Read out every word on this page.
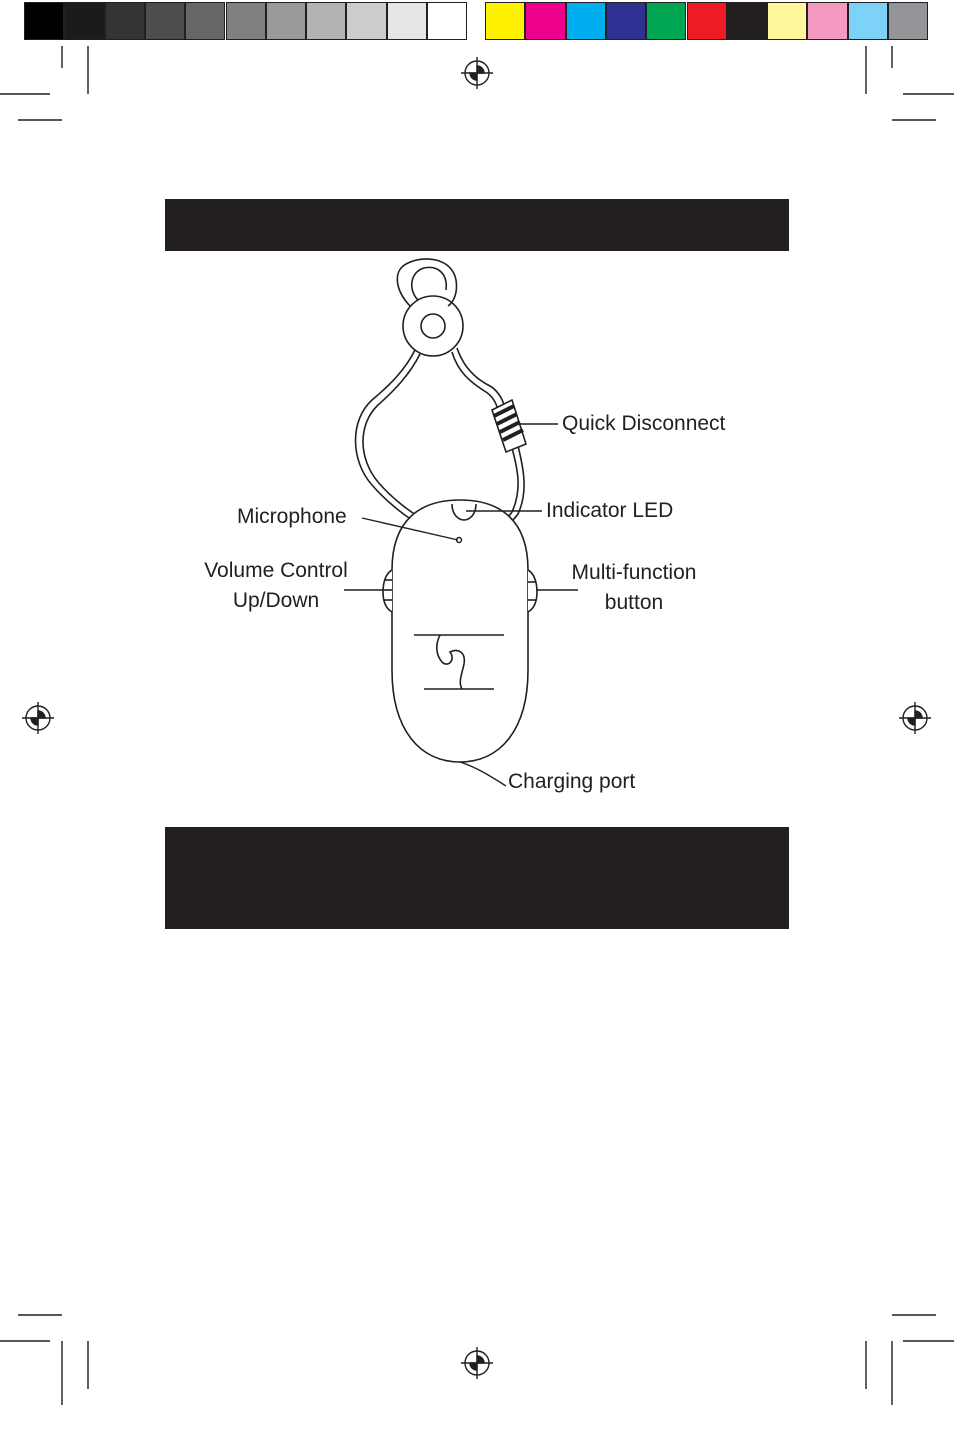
Quick Disconnect
Indicator LED
Microphone
Volume Control
Up/Down
Multi-function
button
Charging port
